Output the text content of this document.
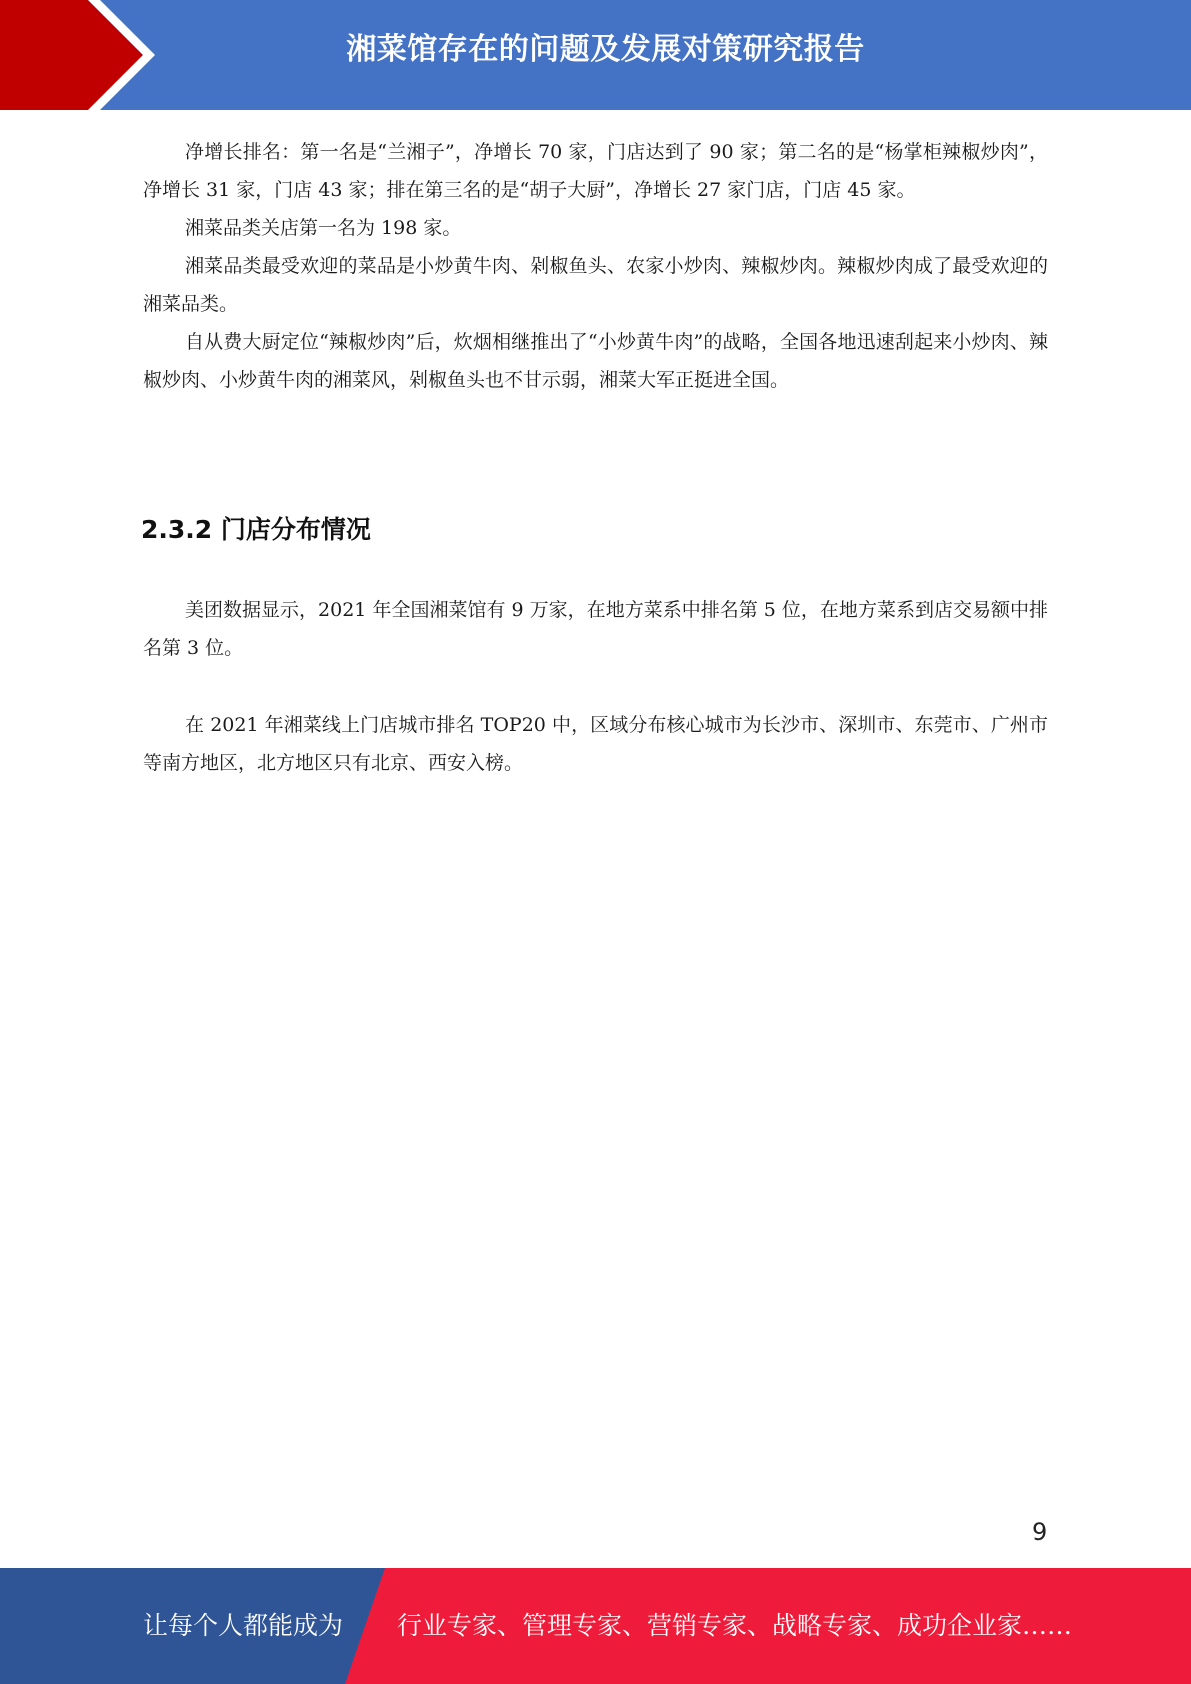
湘菜馆存在的问题及发展对策研究报告

净增长排名：第一名是“兰湘子”，净增长 70 家，门店达到了 90 家；第二名的是“杨掌柜辣椒炒肉”，净增长 31 家，门店 43 家；排在第三名的是“胡子大厨”，净增长 27 家门店，门店 45 家。

湘菜品类关店第一名为 198 家。

湘菜品类最受欢迎的菜品是小炒黄牛肉、剁椒鱼头、农家小炒肉、辣椒炒肉。辣椒炒肉成了最受欢迎的湘菜品类。

自从费大厨定位“辣椒炒肉”后，炊烟相继推出了“小炒黄牛肉”的战略，全国各地迅速刮起来小炒肉、辣椒炒肉、小炒黄牛肉的湘菜风，剁椒鱼头也不甘示弱，湘菜大军正挺进全国。

2.3.2 门店分布情况

美团数据显示，2021 年全国湘菜馆有 9 万家，在地方菜系中排名第 5 位，在地方菜系到店交易额中排名第 3 位。

在 2021 年湘菜线上门店城市排名 TOP20 中，区域分布核心城市为长沙市、深圳市、东莞市、广州市等南方地区，北方地区只有北京、西安入榜。

9
让每个人都能成为 行业专家、管理专家、营销专家、战略专家、成功企业家……
